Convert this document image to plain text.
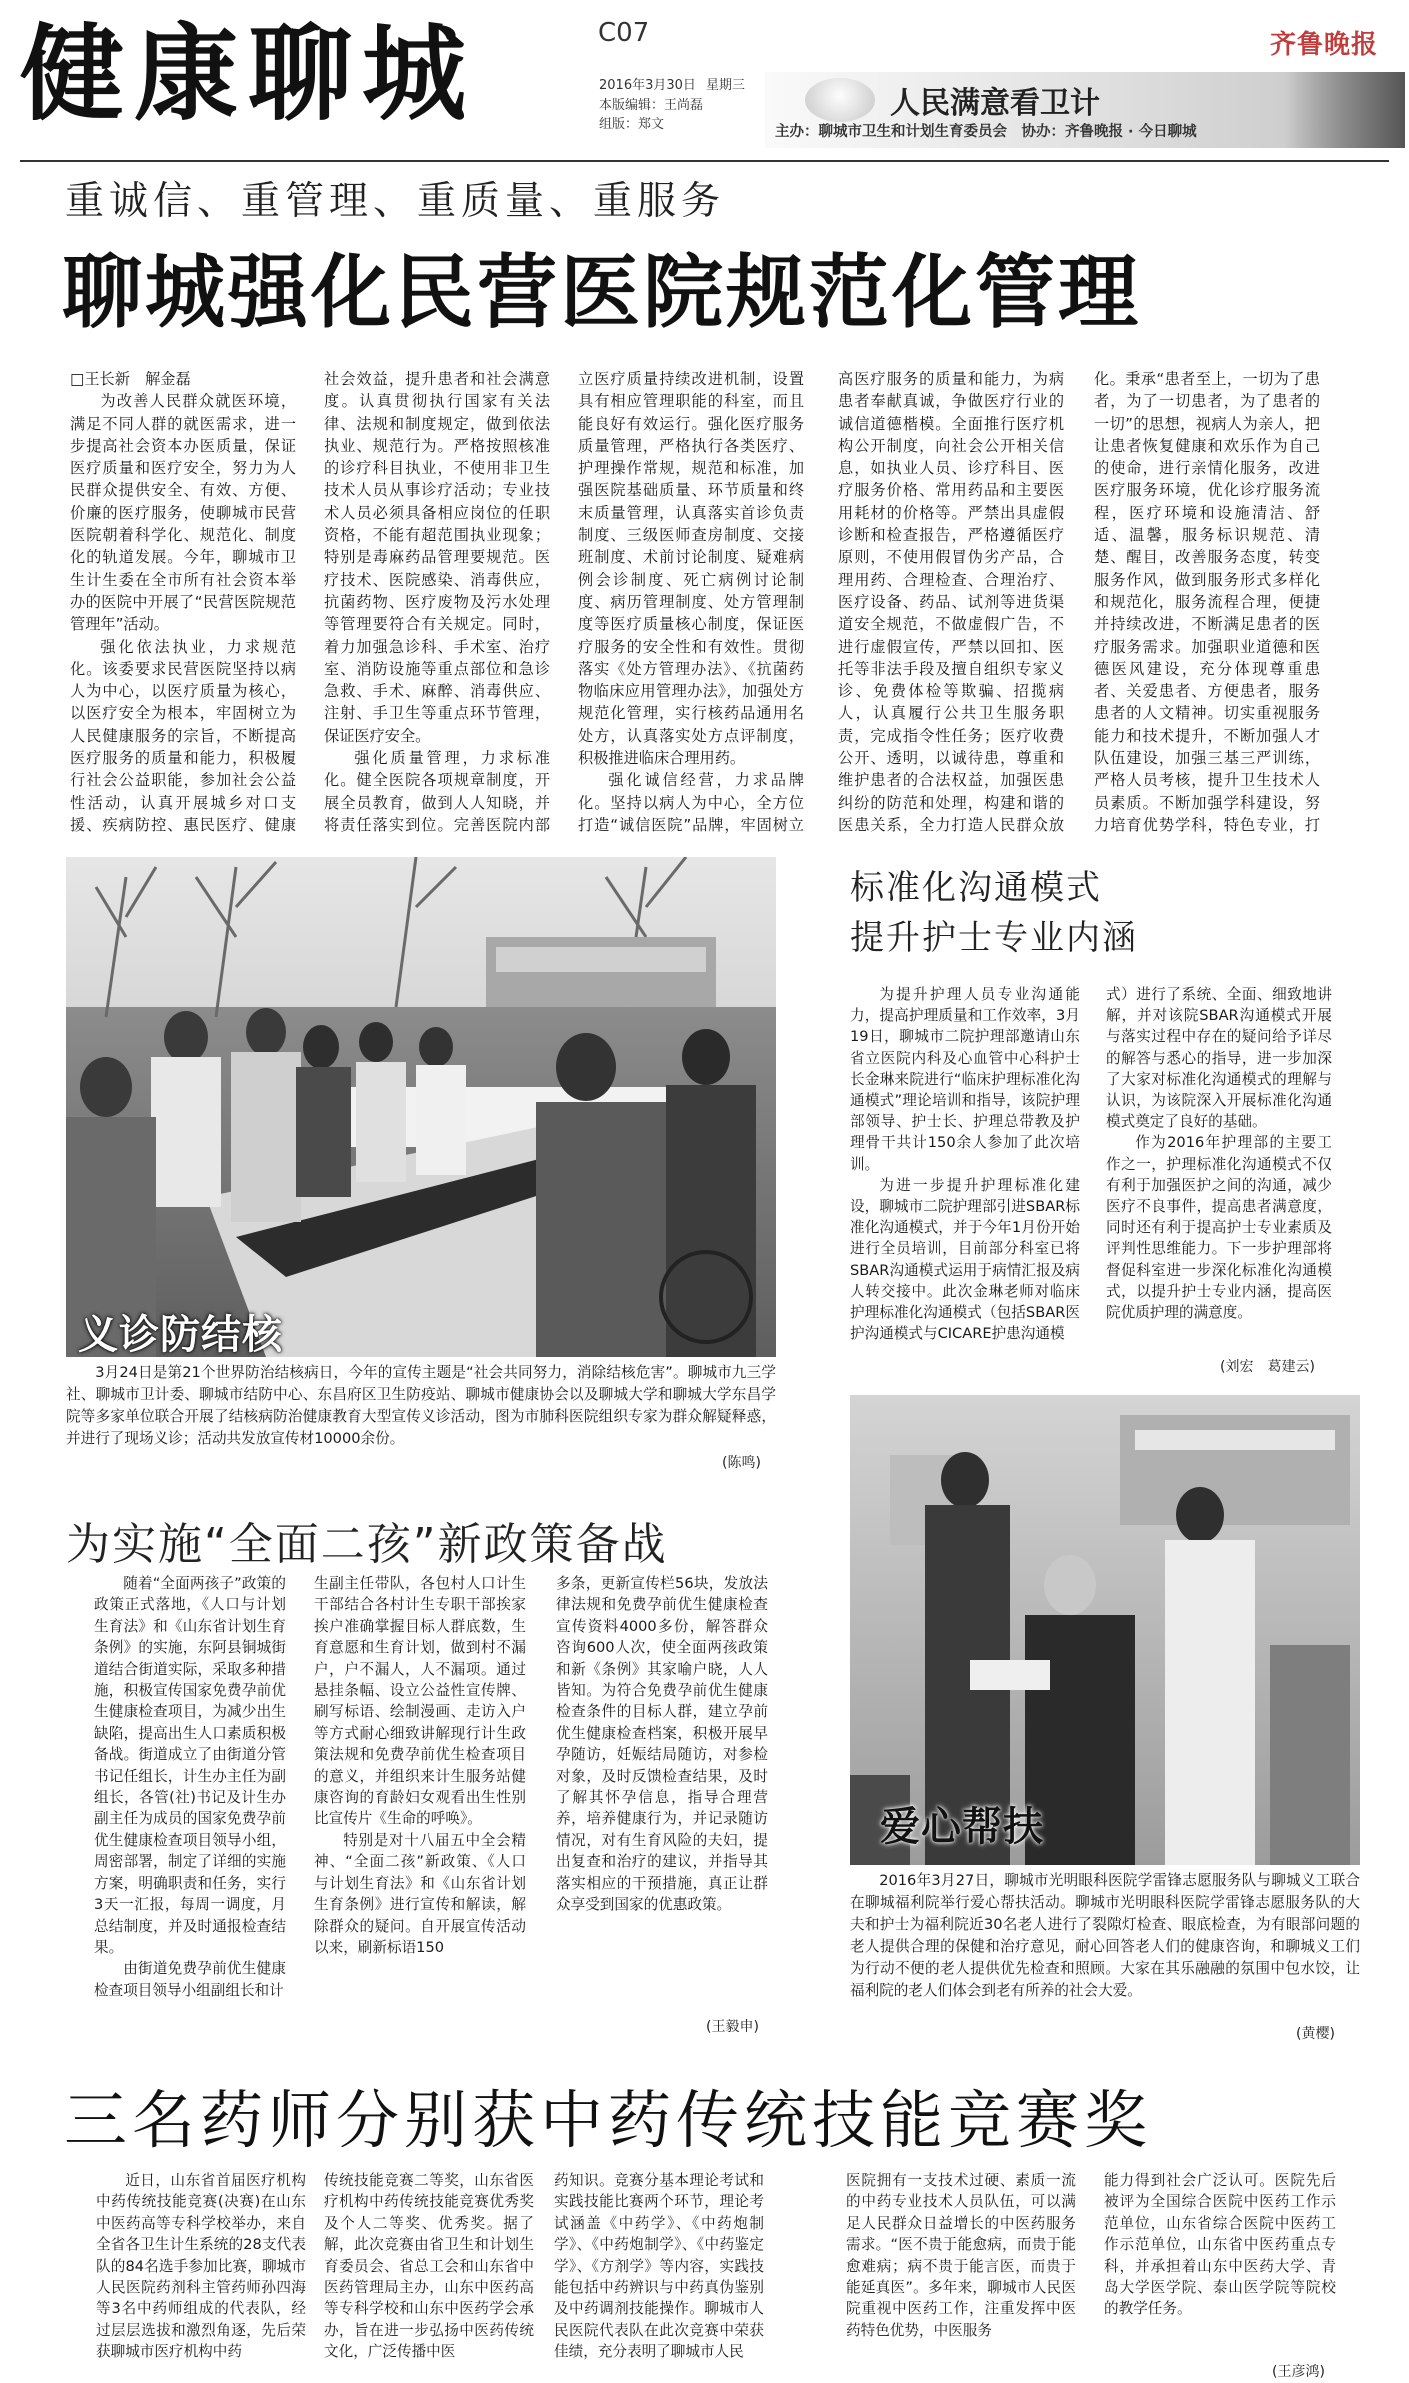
健康聊城	C07
2016年3月30日 星期三
本版编辑：王尚磊
组版：郑文
齐鲁晚报
人民满意看卫计
主办：聊城市卫生和计划生育委员会　协办：齐鲁晚报 · 今日聊城
重诚信、重管理、重质量、重服务
聊城强化民营医院规范化管理

□王长新　解金磊

为改善人民群众就医环境，满足不同人群的就医需求，进一步提高社会资本办医质量，保证医疗质量和医疗安全，努力为人民群众提供安全、有效、方便、价廉的医疗服务，使聊城市民营医院朝着科学化、规范化、制度化的轨道发展。今年，聊城市卫生计生委在全市所有社会资本举办的医院中开展了“民营医院规范管理年”活动。

强化依法执业，力求规范化。该委要求民营医院坚持以病人为中心，以医疗质量为核心，以医疗安全为根本，牢固树立为人民健康服务的宗旨，不断提高医疗服务的质量和能力，积极履行社会公益职能，参加社会公益性活动，认真开展城乡对口支援、疾病防控、惠民医疗、健康

社会效益，提升患者和社会满意度。认真贯彻执行国家有关法律、法规和制度规定，做到依法执业、规范行为。严格按照核准的诊疗科目执业，不使用非卫生技术人员从事诊疗活动；专业技术人员必须具备相应岗位的任职资格，不能有超范围执业现象；特别是毒麻药品管理要规范。医疗技术、医院感染、消毒供应，抗菌药物、医疗废物及污水处理等管理要符合有关规定。同时，着力加强急诊科、手术室、治疗室、消防设施等重点部位和急诊急救、手术、麻醉、消毒供应、注射、手卫生等重点环节管理，保证医疗安全。

强化质量管理，力求标准化。健全医院各项规章制度，开展全员教育，做到人人知晓，并将责任落实到位。完善医院内部

立医疗质量持续改进机制，设置具有相应管理职能的科室，而且能良好有效运行。强化医疗服务质量管理，严格执行各类医疗、护理操作常规，规范和标准，加强医院基础质量、环节质量和终末质量管理，认真落实首诊负责制度、三级医师查房制度、交接班制度、术前讨论制度、疑难病例会诊制度、死亡病例讨论制度、病历管理制度、处方管理制度等医疗质量核心制度，保证医疗服务的安全性和有效性。贯彻落实《处方管理办法》、《抗菌药物临床应用管理办法》，加强处方规范化管理，实行核药品通用名处方，认真落实处方点评制度，积极推进临床合理用药。

强化诚信经营，力求品牌化。坚持以病人为中心，全方位打造“诚信医院”品牌，牢固树立

高医疗服务的质量和能力，为病患者奉献真诚，争做医疗行业的诚信道德楷模。全面推行医疗机构公开制度，向社会公开相关信息，如执业人员、诊疗科目、医疗服务价格、常用药品和主要医用耗材的价格等。严禁出具虚假诊断和检查报告，严格遵循医疗原则，不使用假冒伪劣产品，合理用药、合理检查、合理治疗、医疗设备、药品、试剂等进货渠道安全规范，不做虚假广告，不进行虚假宣传，严禁以回扣、医托等非法手段及擅自组织专家义诊、免费体检等欺骗、招揽病人，认真履行公共卫生服务职责，完成指令性任务；医疗收费公开、透明，以诚待患，尊重和维护患者的合法权益，加强医患纠纷的防范和处理，构建和谐的医患关系，全力打造人民群众放

化。秉承“患者至上，一切为了患者，为了一切患者，为了患者的一切”的思想，视病人为亲人，把让患者恢复健康和欢乐作为自己的使命，进行亲情化服务，改进医疗服务环境，优化诊疗服务流程，医疗环境和设施清洁、舒适、温馨，服务标识规范、清楚、醒目，改善服务态度，转变服务作风，做到服务形式多样化和规范化，服务流程合理，便捷并持续改进，不断满足患者的医疗服务需求。加强职业道德和医德医风建设，充分体现尊重患者、关爱患者、方便患者，服务患者的人文精神。切实重视服务能力和技术提升，不断加强人才队伍建设，加强三基三严训练，严格人员考核，提升卫生技术人员素质。不断加强学科建设，努力培育优势学科，特色专业，打

义诊防结核

3月24日是第21个世界防治结核病日，今年的宣传主题是“社会共同努力，消除结核危害”。聊城市九三学社、聊城市卫计委、聊城市结防中心、东昌府区卫生防疫站、聊城市健康协会以及聊城大学和聊城大学东昌学院等多家单位联合开展了结核病防治健康教育大型宣传义诊活动，图为市肺科医院组织专家为群众解疑释惑，并进行了现场义诊；活动共发放宣传材10000余份。

(陈鸣)
标准化沟通模式
提升护士专业内涵

为提升护理人员专业沟通能力，提高护理质量和工作效率，3月19日，聊城市二院护理部邀请山东省立医院内科及心血管中心科护士长金琳来院进行“临床护理标准化沟通模式”理论培训和指导，该院护理部领导、护士长、护理总带教及护理骨干共计150余人参加了此次培训。

为进一步提升护理标准化建设，聊城市二院护理部引进SBAR标准化沟通模式，并于今年1月份开始进行全员培训，目前部分科室已将SBAR沟通模式运用于病情汇报及病人转交接中。此次金琳老师对临床护理标准化沟通模式（包括SBAR医护沟通模式与CICARE护患沟通模

式）进行了系统、全面、细致地讲解，并对该院SBAR沟通模式开展与落实过程中存在的疑问给予详尽的解答与悉心的指导，进一步加深了大家对标准化沟通模式的理解与认识，为该院深入开展标准化沟通模式奠定了良好的基础。

作为2016年护理部的主要工作之一，护理标准化沟通模式不仅有利于加强医护之间的沟通，减少医疗不良事件，提高患者满意度，同时还有利于提高护士专业素质及评判性思维能力。下一步护理部将督促科室进一步深化标准化沟通模式，以提升护士专业内涵，提高医院优质护理的满意度。

(刘宏　葛建云)
为实施“全面二孩”新政策备战

随着“全面两孩子”政策的政策正式落地，《人口与计划生育法》和《山东省计划生育条例》的实施，东阿县铜城街道结合街道实际，采取多种措施，积极宣传国家免费孕前优生健康检查项目，为减少出生缺陷，提高出生人口素质积极备战。街道成立了由街道分管书记任组长，计生办主任为副组长，各管(社)书记及计生办副主任为成员的国家免费孕前优生健康检查项目领导小组，周密部署，制定了详细的实施方案，明确职责和任务，实行3天一汇报，每周一调度，月总结制度，并及时通报检查结果。

由街道免费孕前优生健康检查项目领导小组副组长和计

生副主任带队，各包村人口计生干部结合各村计生专职干部挨家挨户准确掌握目标人群底数，生育意愿和生育计划，做到村不漏户，户不漏人，人不漏项。通过悬挂条幅、设立公益性宣传牌、刷写标语、绘制漫画、走访入户等方式耐心细致讲解现行计生政策法规和免费孕前优生检查项目的意义，并组织来计生服务站健康咨询的育龄妇女观看出生性别比宣传片《生命的呼唤》。

特别是对十八届五中全会精神、“全面二孩”新政策、《人口与计划生育法》和《山东省计划生育条例》进行宣传和解读，解除群众的疑问。自开展宣传活动以来，刷新标语150

多条，更新宣传栏56块，发放法律法规和免费孕前优生健康检查宣传资料4000多份，解答群众咨询600人次，使全面两孩政策和新《条例》其家喻户晓，人人皆知。为符合免费孕前优生健康检查条件的目标人群，建立孕前优生健康检查档案，积极开展早孕随访，妊娠结局随访，对参检对象，及时反馈检查结果，及时了解其怀孕信息，指导合理营养，培养健康行为，并记录随访情况，对有生育风险的夫妇，提出复查和治疗的建议，并指导其落实相应的干预措施，真正让群众享受到国家的优惠政策。

(王毅申)
爱心帮扶

2016年3月27日，聊城市光明眼科医院学雷锋志愿服务队与聊城义工联合在聊城福利院举行爱心帮扶活动。聊城市光明眼科医院学雷锋志愿服务队的大夫和护士为福利院近30名老人进行了裂隙灯检查、眼底检查，为有眼部问题的老人提供合理的保健和治疗意见，耐心回答老人们的健康咨询，和聊城义工们为行动不便的老人提供优先检查和照顾。大家在其乐融融的氛围中包水饺，让福利院的老人们体会到老有所养的社会大爱。

(黄樱)
三名药师分别获中药传统技能竞赛奖

近日，山东省首届医疗机构中药传统技能竞赛(决赛)在山东中医药高等专科学校举办，来自全省各卫生计生系统的28支代表队的84名选手参加比赛，聊城市人民医院药剂科主管药师孙四海等3名中药师组成的代表队，经过层层选拔和激烈角逐，先后荣获聊城市医疗机构中药

传统技能竞赛二等奖，山东省医疗机构中药传统技能竞赛优秀奖及个人二等奖、优秀奖。据了解，此次竞赛由省卫生和计划生育委员会、省总工会和山东省中医药管理局主办，山东中医药高等专科学校和山东中医药学会承办，旨在进一步弘扬中医药传统文化，广泛传播中医

药知识。竞赛分基本理论考试和实践技能比赛两个环节，理论考试涵盖《中药学》、《中药炮制学》、《中药炮制学》、《中药鉴定学》、《方剂学》等内容，实践技能包括中药辨识与中药真伪鉴别及中药调剂技能操作。聊城市人民医院代表队在此次竞赛中荣获佳绩，充分表明了聊城市人民

医院拥有一支技术过硬、素质一流的中药专业技术人员队伍，可以满足人民群众日益增长的中医药服务需求。“医不贵于能愈病，而贵于能愈难病；病不贵于能言医，而贵于能延真医”。多年来，聊城市人民医院重视中医药工作，注重发挥中医药特色优势，中医服务

能力得到社会广泛认可。医院先后被评为全国综合医院中医药工作示范单位，山东省综合医院中医药工作示范单位，山东省中医药重点专科，并承担着山东中医药大学、青岛大学医学院、泰山医学院等院校的教学任务。

(王彦鸿)
